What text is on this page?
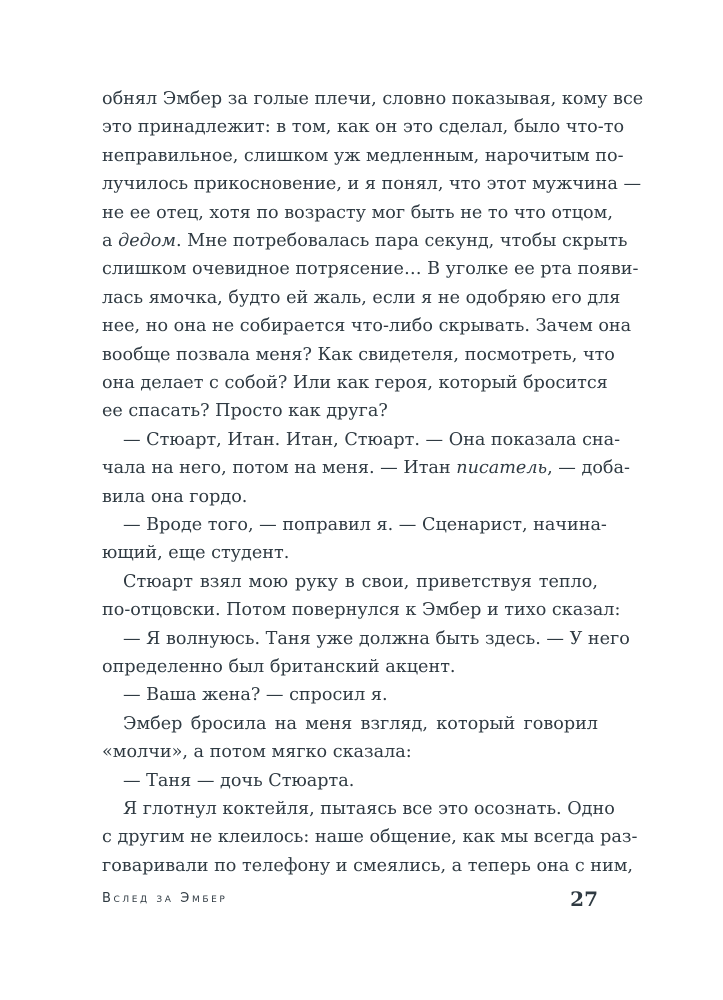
обнял Эмбер за голые плечи, словно показывая, кому все
это принадлежит: в том, как он это сделал, было что-то
неправильное, слишком уж медленным, нарочитым по-
лучилось прикосновение, и я понял, что этот мужчина —
не ее отец, хотя по возрасту мог быть не то что отцом,
а дедом. Мне потребовалась пара секунд, чтобы скрыть
слишком очевидное потрясение… В уголке ее рта появи-
лась ямочка, будто ей жаль, если я не одобряю его для
нее, но она не собирается что-либо скрывать. Зачем она
вообще позвала меня? Как свидетеля, посмотреть, что
она делает с собой? Или как героя, который бросится
ее спасать? Просто как друга?
— Стюарт, Итан. Итан, Стюарт. — Она показала сна-
чала на него, потом на меня. — Итан писатель, — доба-
вила она гордо.
— Вроде того, — поправил я. — Сценарист, начина-
ющий, еще студент.
Стюарт взял мою руку в свои, приветствуя тепло,
по-отцовски. Потом повернулся к Эмбер и тихо сказал:
— Я волнуюсь. Таня уже должна быть здесь. — У него
определенно был британский акцент.
— Ваша жена? — спросил я.
Эмбер бросила на меня взгляд, который говорил
«молчи», а потом мягко сказала:
— Таня — дочь Стюарта.
Я глотнул коктейля, пытаясь все это осознать. Одно
с другим не клеилось: наше общение, как мы всегда раз-
говаривали по телефону и смеялись, а теперь она с ним,
Вслед за Эмбер	27
